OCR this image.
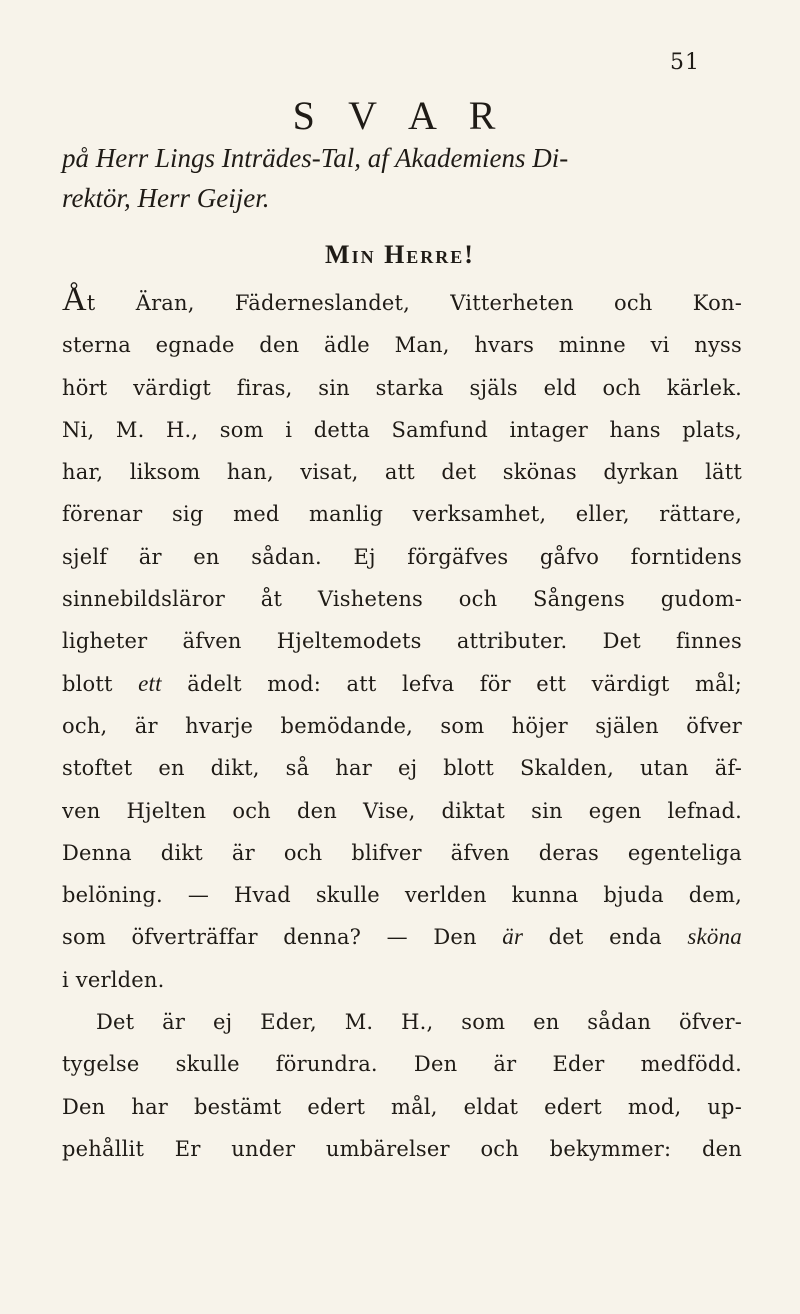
51
S V A R
på Herr Lings Inträdes-Tal, af Akademiens Di-
rektör, Herr Geijer.
Min Herre!
Åt Äran, Fäderneslandet, Vitterheten och Kon-
sterna egnade den ädle Man, hvars minne vi nyss
hört värdigt firas, sin starka själs eld och kärlek.
Ni, M. H., som i detta Samfund intager hans plats,
har, liksom han, visat, att det skönas dyrkan lätt
förenar sig med manlig verksamhet, eller, rättare,
sjelf är en sådan. Ej förgäfves gåfvo forntidens
sinnebildsläror åt Vishetens och Sångens gudom-
ligheter äfven Hjeltemodets attributer. Det finnes
blott ett ädelt mod: att lefva för ett värdigt mål;
och, är hvarje bemödande, som höjer själen öfver
stoftet en dikt, så har ej blott Skalden, utan äf-
ven Hjelten och den Vise, diktat sin egen lefnad.
Denna dikt är och blifver äfven deras egenteliga
belöning. — Hvad skulle verlden kunna bjuda dem,
som öfverträffar denna? — Den är det enda sköna
i verlden.
Det är ej Eder, M. H., som en sådan öfver-
tygelse skulle förundra. Den är Eder medfödd.
Den har bestämt edert mål, eldat edert mod, up-
pehållit Er under umbärelser och bekymmer: den
